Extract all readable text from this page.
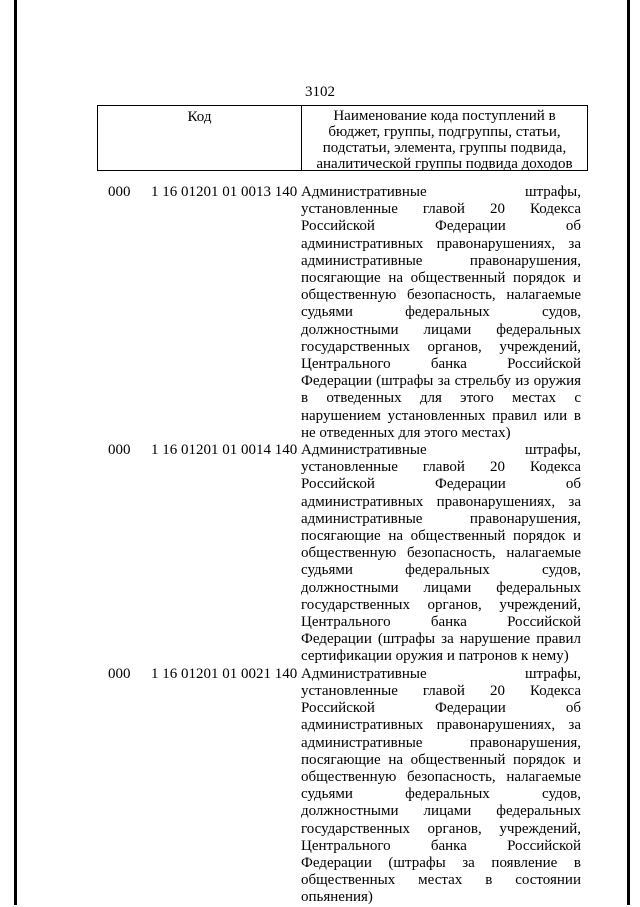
3102
Код	Наименование кода поступлений в бюджет, группы, подгруппы, статьи, подстатьи, элемента, группы подвида, аналитической группы подвида доходов
000 1 16 01201 01 0013 140 Административные штрафы, установленные главой 20 Кодекса Российской Федерации об административных правонарушениях, за административные правонарушения, посягающие на общественный порядок и общественную безопасность, налагаемые судьями федеральных судов, должностными лицами федеральных государственных органов, учреждений, Центрального банка Российской Федерации (штрафы за стрельбу из оружия в отведенных для этого местах с нарушением установленных правил или в не отведенных для этого местах)
000 1 16 01201 01 0014 140 Административные штрафы, установленные главой 20 Кодекса Российской Федерации об административных правонарушениях, за административные правонарушения, посягающие на общественный порядок и общественную безопасность, налагаемые судьями федеральных судов, должностными лицами федеральных государственных органов, учреждений, Центрального банка Российской Федерации (штрафы за нарушение правил сертификации оружия и патронов к нему)
000 1 16 01201 01 0021 140 Административные штрафы, установленные главой 20 Кодекса Российской Федерации об административных правонарушениях, за административные правонарушения, посягающие на общественный порядок и общественную безопасность, налагаемые судьями федеральных судов, должностными лицами федеральных государственных органов, учреждений, Центрального банка Российской Федерации (штрафы за появление в общественных местах в состоянии опьянения)
